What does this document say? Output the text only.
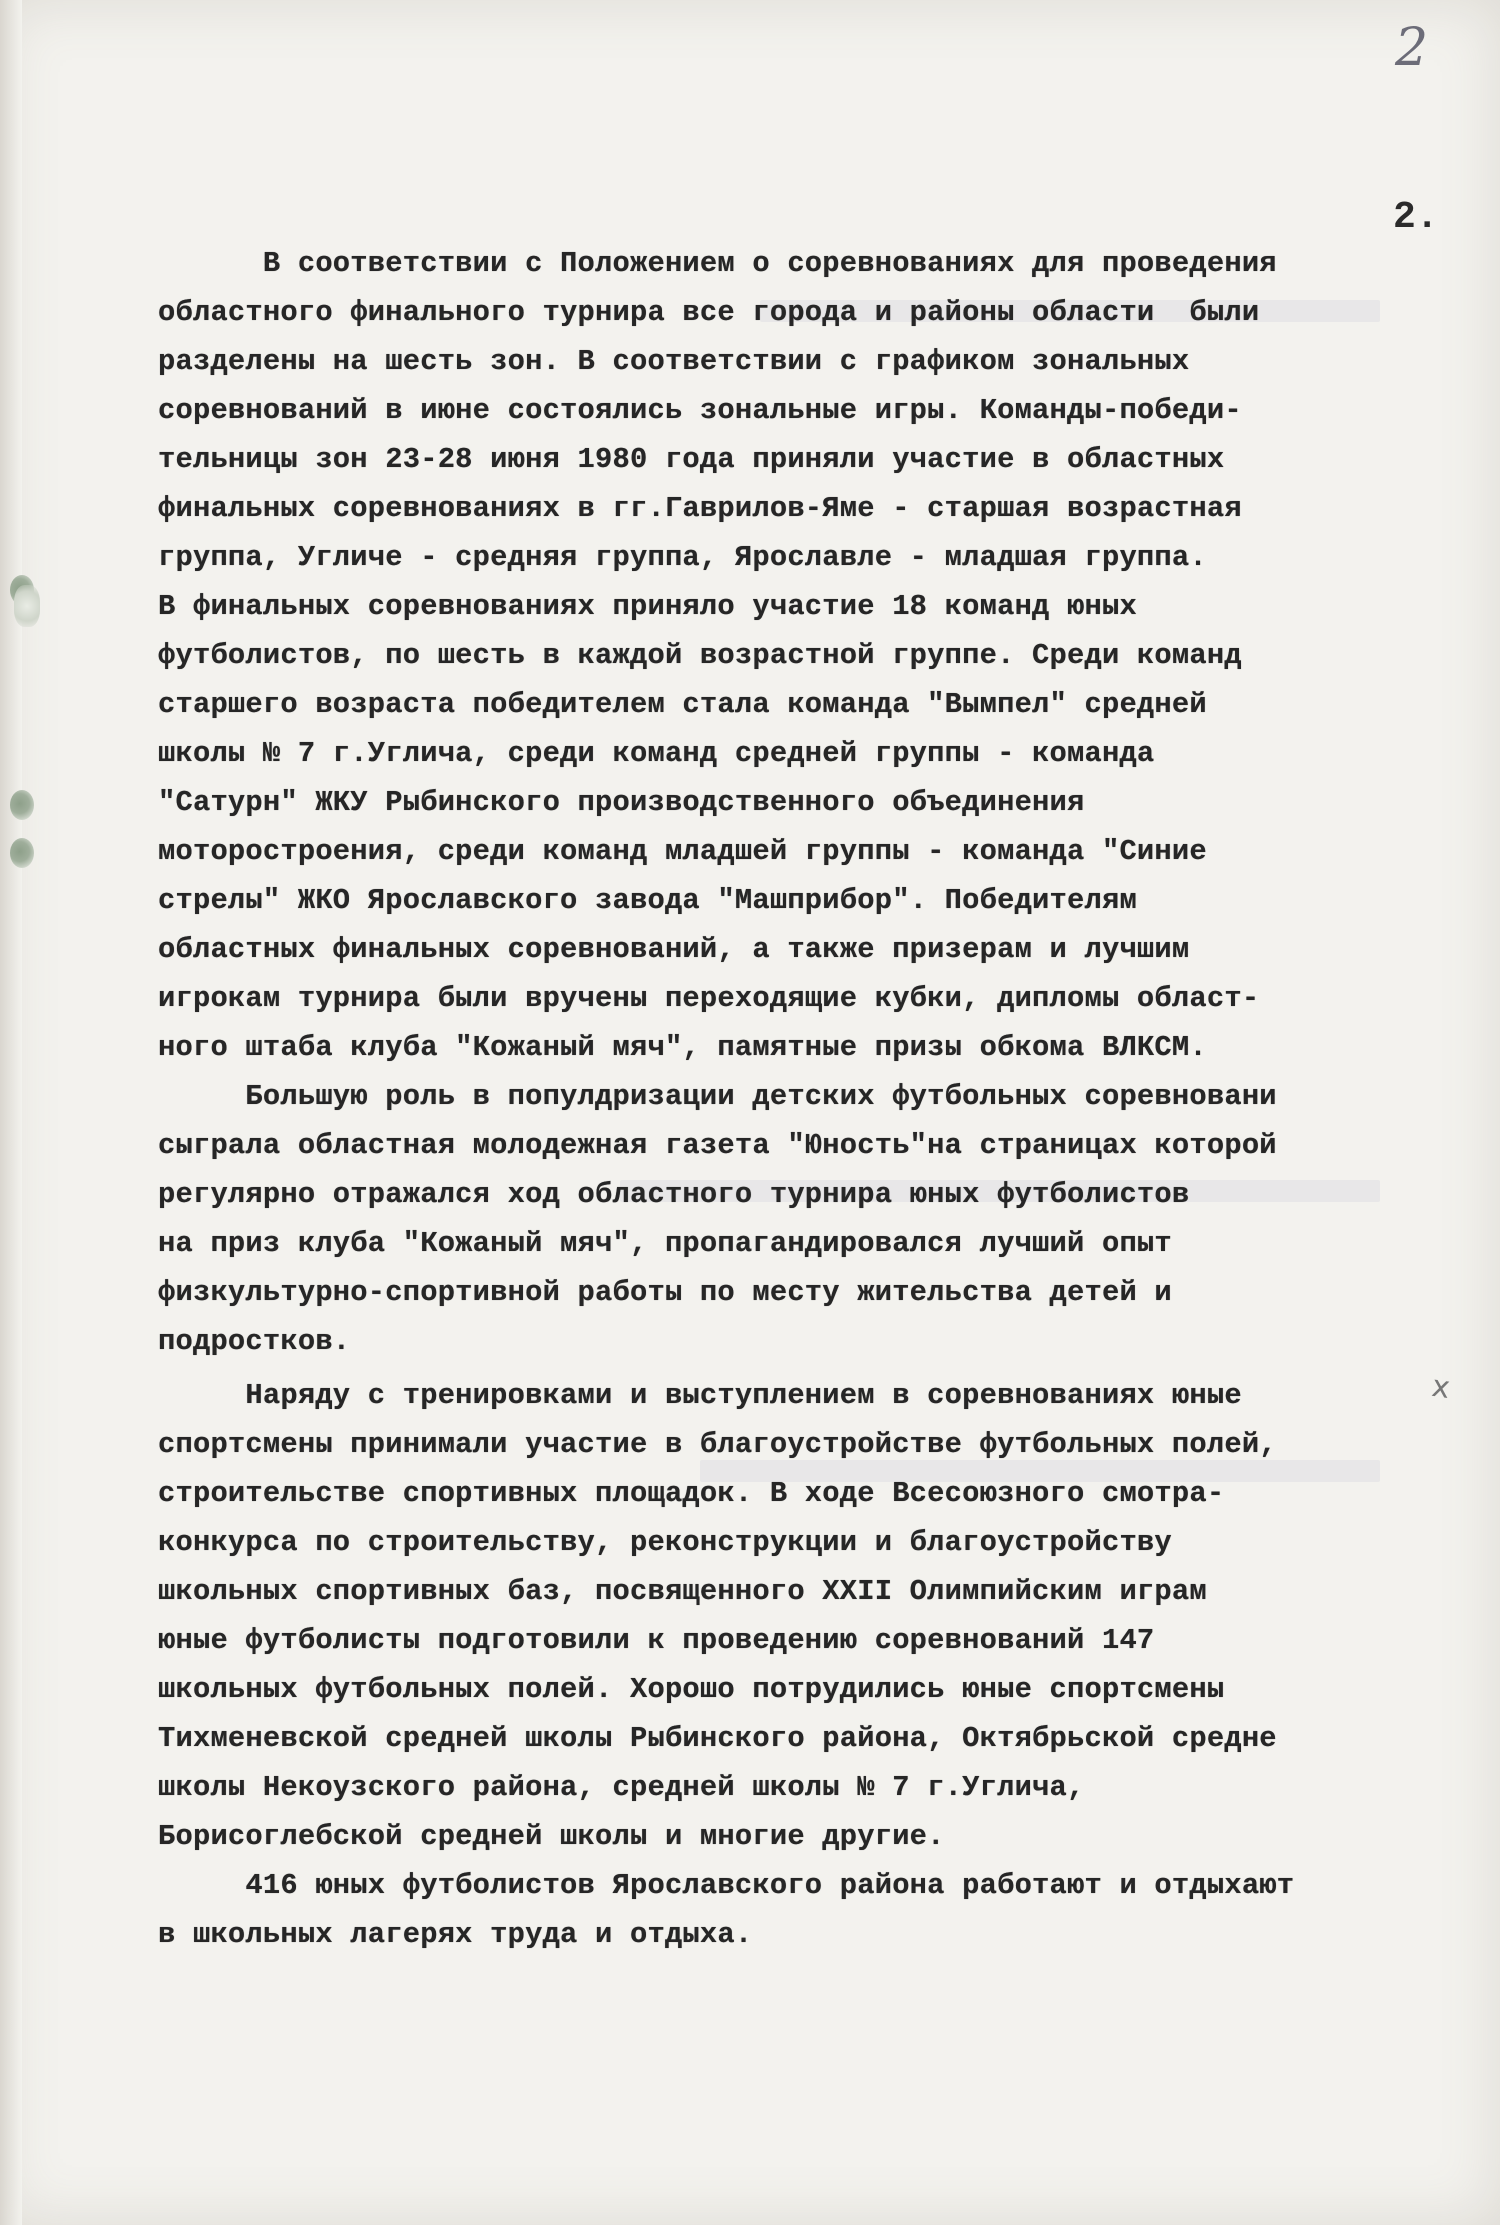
2
2.
x
В соответствии с Положением о соревнованиях для проведения
областного финального турнира все города и районы области  были
разделены на шесть зон. В соответствии с графиком зональных
соревнований в июне состоялись зональные игры. Команды-победи-
тельницы зон 23-28 июня 1980 года приняли участие в областных
финальных соревнованиях в гг.Гаврилов-Яме - старшая возрастная
группа, Угличе - средняя группа, Ярославле - младшая группа.
В финальных соревнованиях приняло участие 18 команд юных
футболистов, по шесть в каждой возрастной группе. Среди команд
старшего возраста победителем стала команда "Вымпел" средней
школы № 7 г.Углича, среди команд средней группы - команда
"Сатурн" ЖКУ Рыбинского производственного объединения
моторостроения, среди команд младшей группы - команда "Синие
стрелы" ЖКО Ярославского завода "Машприбор". Победителям
областных финальных соревнований, а также призерам и лучшим
игрокам турнира были вручены переходящие кубки, дипломы област-
ного штаба клуба "Кожаный мяч", памятные призы обкома ВЛКСМ.
Большую роль в популдризации детских футбольных соревновани
сыграла областная молодежная газета "Юность"на страницах которой
регулярно отражался ход областного турнира юных футболистов
на приз клуба "Кожаный мяч", пропагандировался лучший опыт
физкультурно-спортивной работы по месту жительства детей и
подростков.
Наряду с тренировками и выступлением в соревнованиях юные
спортсмены принимали участие в благоустройстве футбольных полей,
строительстве спортивных площадок. В ходе Всесоюзного смотра-
конкурса по строительству, реконструкции и благоустройству
школьных спортивных баз, посвященного XXII Олимпийским играм
юные футболисты подготовили к проведению соревнований 147
школьных футбольных полей. Хорошо потрудились юные спортсмены
Тихменевской средней школы Рыбинского района, Октябрьской средне
школы Некоузского района, средней школы № 7 г.Углича,
Борисоглебской средней школы и многие другие.
416 юных футболистов Ярославского района работают и отдыхают
в школьных лагерях труда и отдыха.
